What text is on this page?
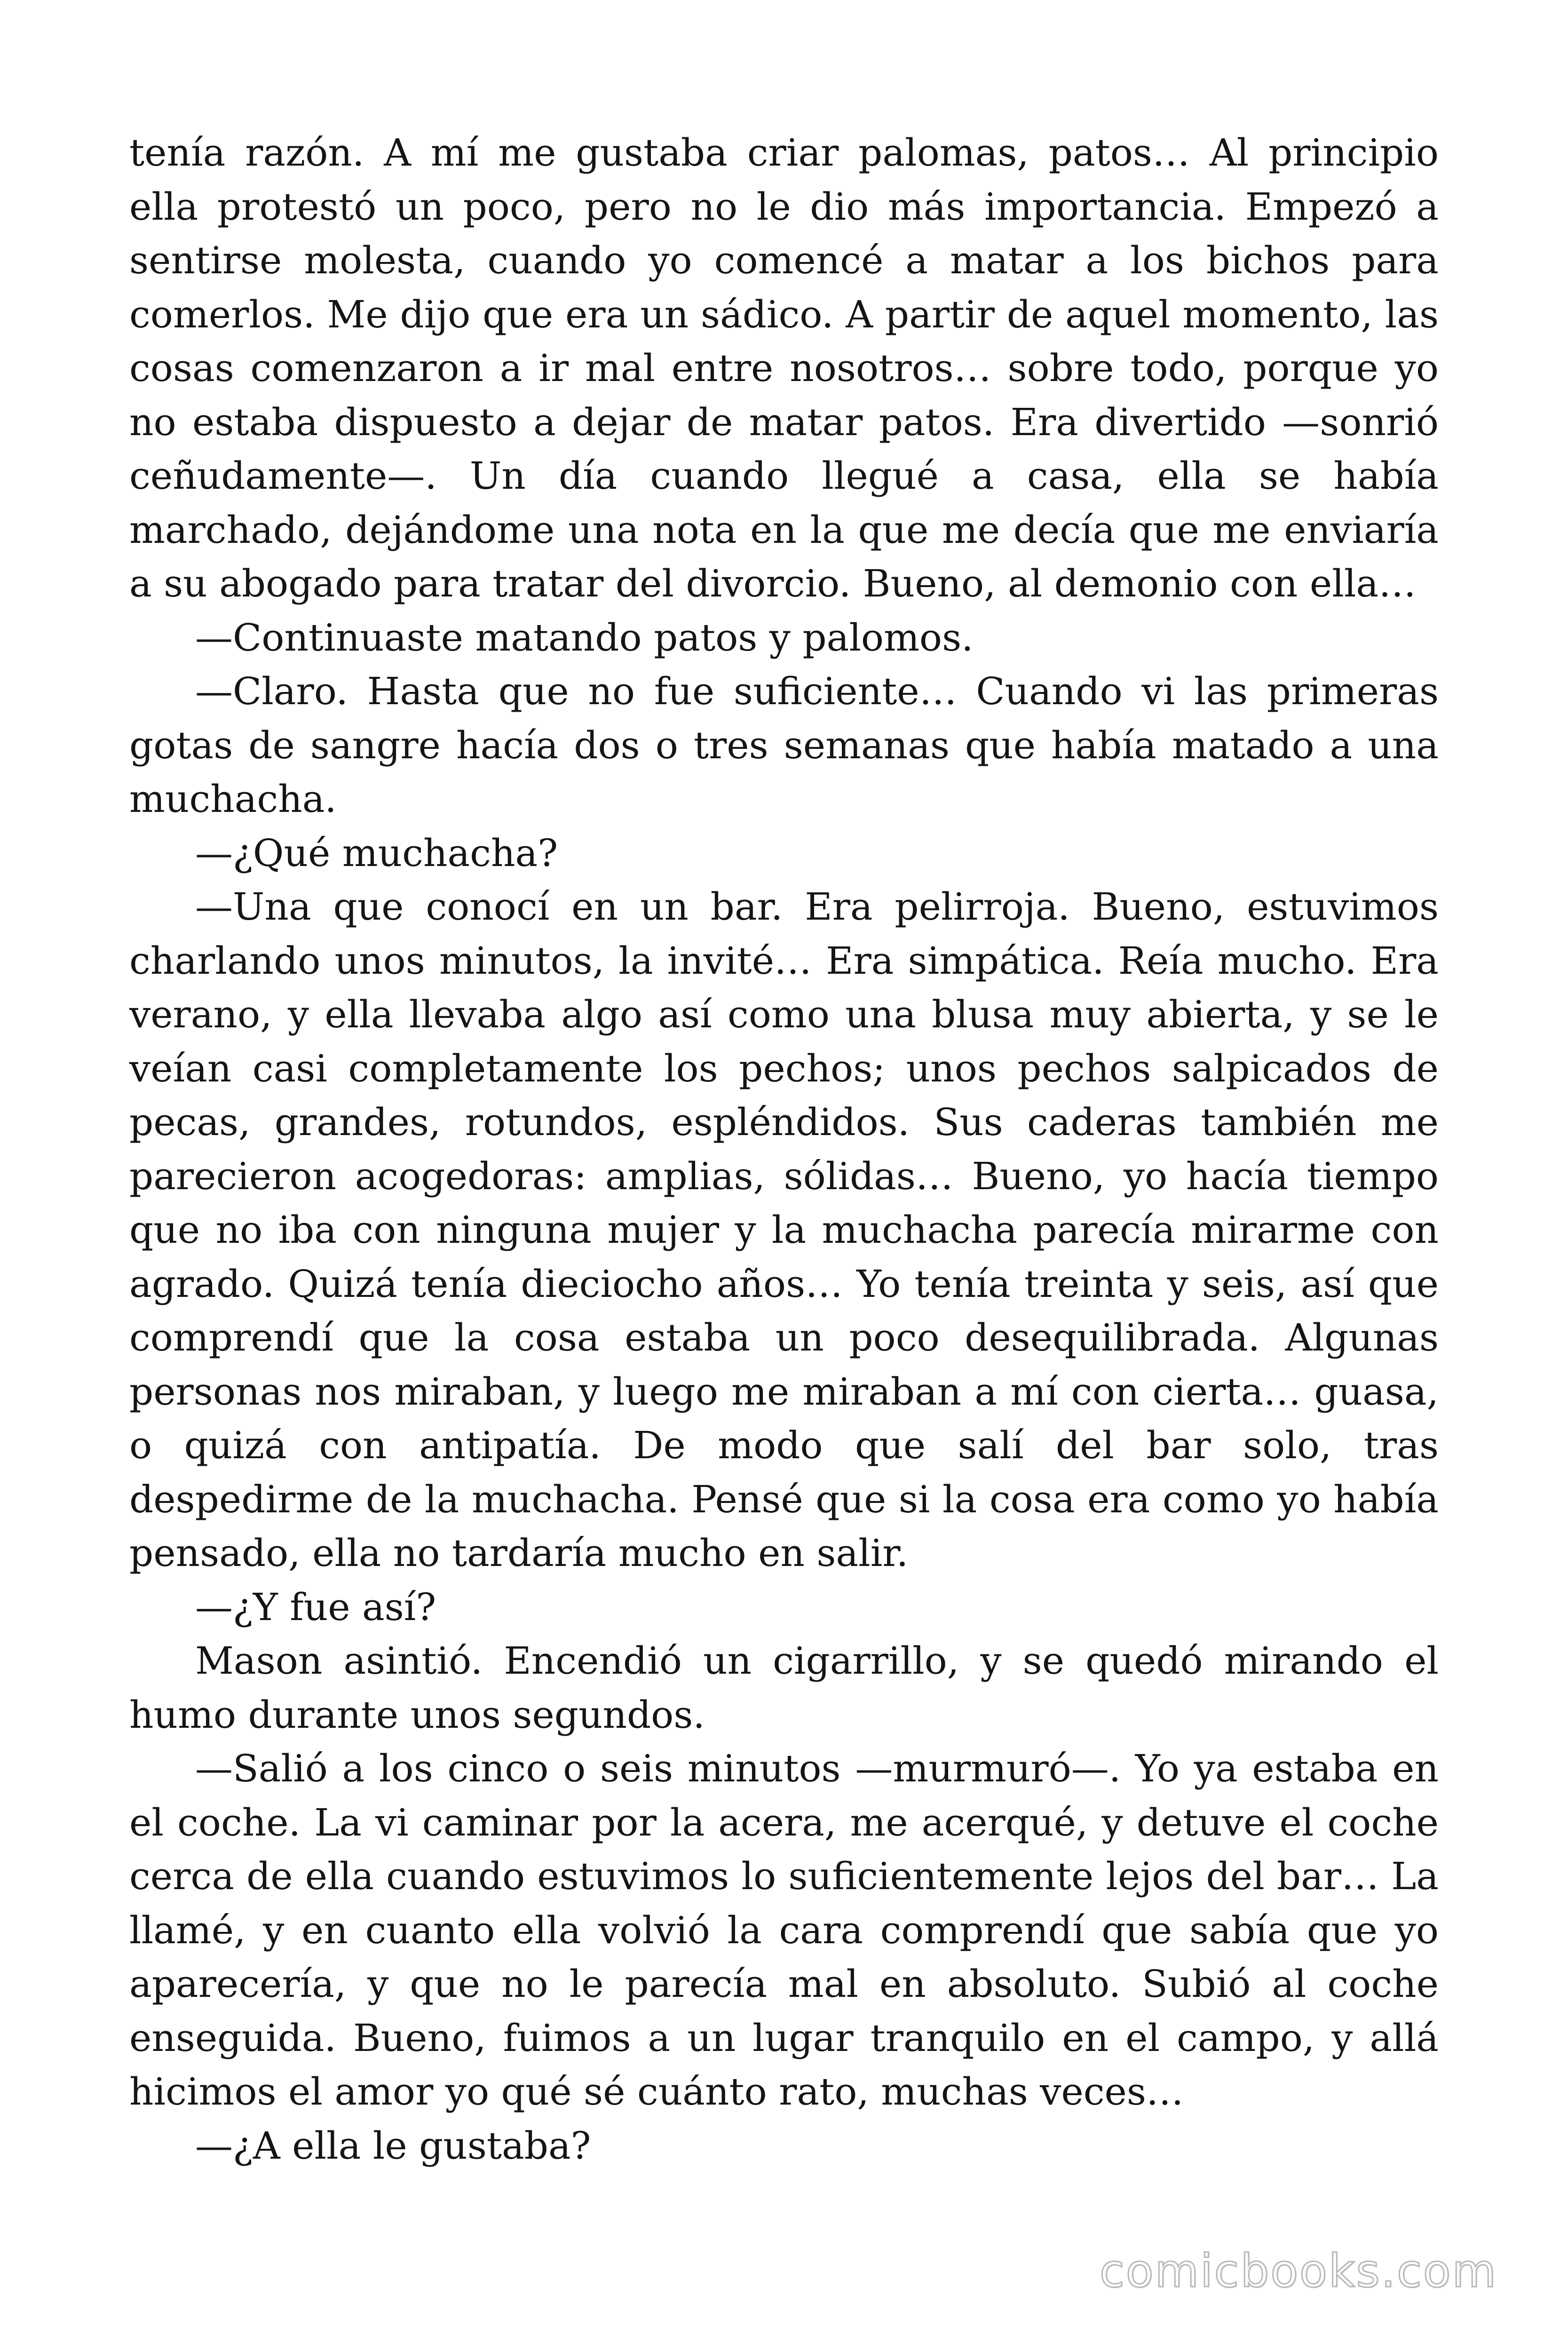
tenía razón. A mí me gustaba criar palomas, patos… Al principio ella protestó un poco, pero no le dio más importancia. Empezó a sentirse molesta, cuando yo comencé a matar a los bichos para comerlos. Me dijo que era un sádico. A partir de aquel momento, las cosas comenzaron a ir mal entre nosotros… sobre todo, porque yo no estaba dispuesto a dejar de matar patos. Era divertido —sonrió ceñudamente—. Un día cuando llegué a casa, ella se había marchado, dejándome una nota en la que me decía que me enviaría a su abogado para tratar del divorcio. Bueno, al demonio con ella…

—Continuaste matando patos y palomos.

—Claro. Hasta que no fue suficiente… Cuando vi las primeras gotas de sangre hacía dos o tres semanas que había matado a una muchacha.

—¿Qué muchacha?

—Una que conocí en un bar. Era pelirroja. Bueno, estuvimos charlando unos minutos, la invité… Era simpática. Reía mucho. Era verano, y ella llevaba algo así como una blusa muy abierta, y se le veían casi completamente los pechos; unos pechos salpicados de pecas, grandes, rotundos, espléndidos. Sus caderas también me parecieron acogedoras: amplias, sólidas… Bueno, yo hacía tiempo que no iba con ninguna mujer y la muchacha parecía mirarme con agrado. Quizá tenía dieciocho años… Yo tenía treinta y seis, así que comprendí que la cosa estaba un poco desequilibrada. Algunas personas nos miraban, y luego me miraban a mí con cierta… guasa, o quizá con antipatía. De modo que salí del bar solo, tras despedirme de la muchacha. Pensé que si la cosa era como yo había pensado, ella no tardaría mucho en salir.

—¿Y fue así?

Mason asintió. Encendió un cigarrillo, y se quedó mirando el humo durante unos segundos.

—Salió a los cinco o seis minutos —murmuró—. Yo ya estaba en el coche. La vi caminar por la acera, me acerqué, y detuve el coche cerca de ella cuando estuvimos lo suficientemente lejos del bar… La llamé, y en cuanto ella volvió la cara comprendí que sabía que yo aparecería, y que no le parecía mal en absoluto. Subió al coche enseguida. Bueno, fuimos a un lugar tranquilo en el campo, y allá hicimos el amor yo qué sé cuánto rato, muchas veces…

—¿A ella le gustaba?

comicbooks.com
